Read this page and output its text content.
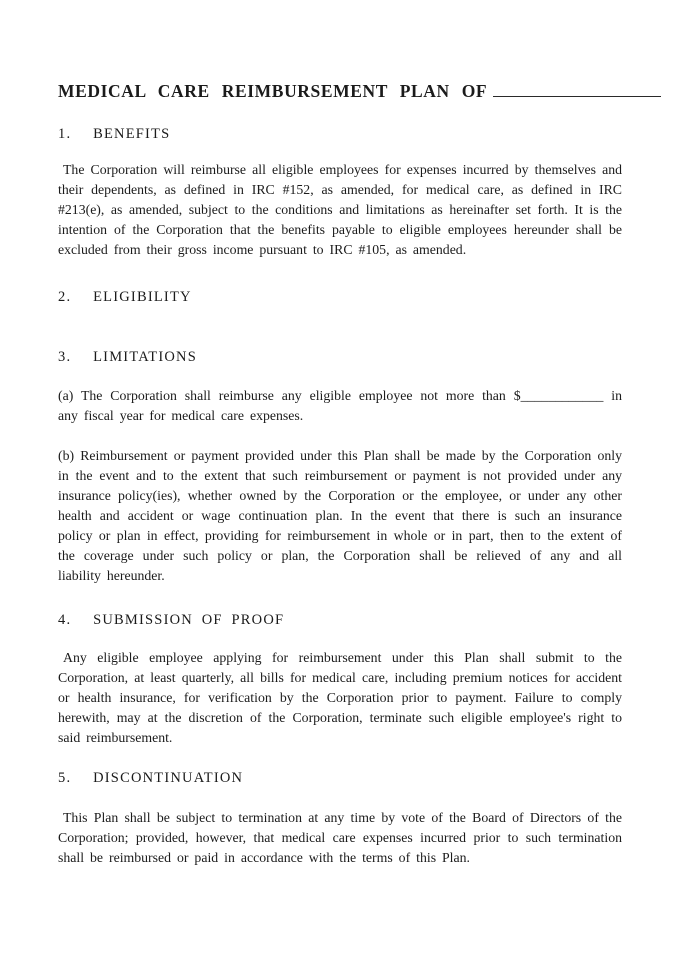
MEDICAL CARE REIMBURSEMENT PLAN OF

1. BENEFITS

The Corporation will reimburse all eligible employees for expenses incurred by themselves and their dependents, as defined in IRC #152, as amended, for medical care, as defined in IRC #213(e), as amended, subject to the conditions and limitations as hereinafter set forth. It is the intention of the Corporation that the benefits payable to eligible employees hereunder shall be excluded from their gross income pursuant to IRC #105, as amended.

2. ELIGIBILITY

3. LIMITATIONS

(a) The Corporation shall reimburse any eligible employee not more than $____________ in any fiscal year for medical care expenses.

(b) Reimbursement or payment provided under this Plan shall be made by the Corporation only in the event and to the extent that such reimbursement or payment is not provided under any insurance policy(ies), whether owned by the Corporation or the employee, or under any other health and accident or wage continuation plan. In the event that there is such an insurance policy or plan in effect, providing for reimbursement in whole or in part, then to the extent of the coverage under such policy or plan, the Corporation shall be relieved of any and all liability hereunder.

4. SUBMISSION OF PROOF

Any eligible employee applying for reimbursement under this Plan shall submit to the Corporation, at least quarterly, all bills for medical care, including premium notices for accident or health insurance, for verification by the Corporation prior to payment. Failure to comply herewith, may at the discretion of the Corporation, terminate such eligible employee's right to said reimbursement.

5. DISCONTINUATION

This Plan shall be subject to termination at any time by vote of the Board of Directors of the Corporation; provided, however, that medical care expenses incurred prior to such termination shall be reimbursed or paid in accordance with the terms of this Plan.
